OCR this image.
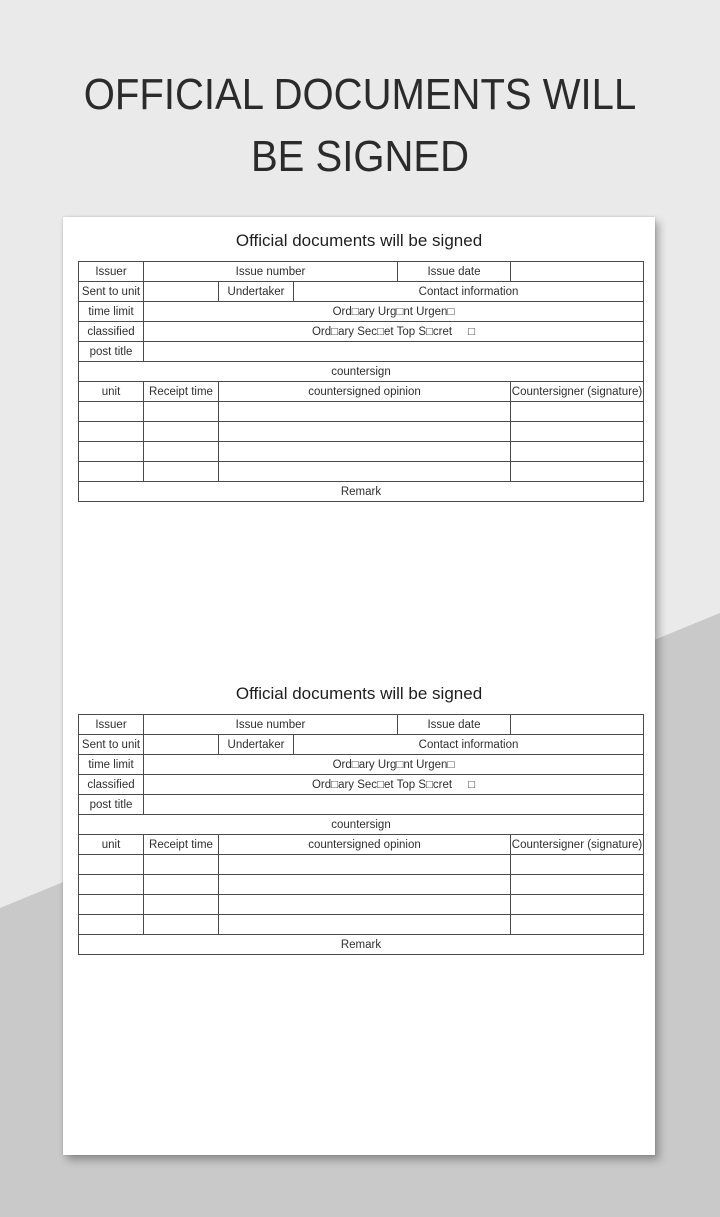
OFFICIAL DOCUMENTS WILL
BE SIGNED
Official documents will be signed
Issuer	Issue number			Issue date	
Sent to unit		Undertaker	Contact information		
time limit	Ord□ary Urg□nt Urgen□				
classified	Ord□ary Sec□et Top S□cret     □				
post title					
countersign					
unit	Receipt time	countersigned opinion			Countersigner (signature)

Remark					
Official documents will be signed
Issuer	Issue number			Issue date	
Sent to unit		Undertaker	Contact information		
time limit	Ord□ary Urg□nt Urgen□				
classified	Ord□ary Sec□et Top S□cret     □				
post title					
countersign					
unit	Receipt time	countersigned opinion			Countersigner (signature)

Remark					
